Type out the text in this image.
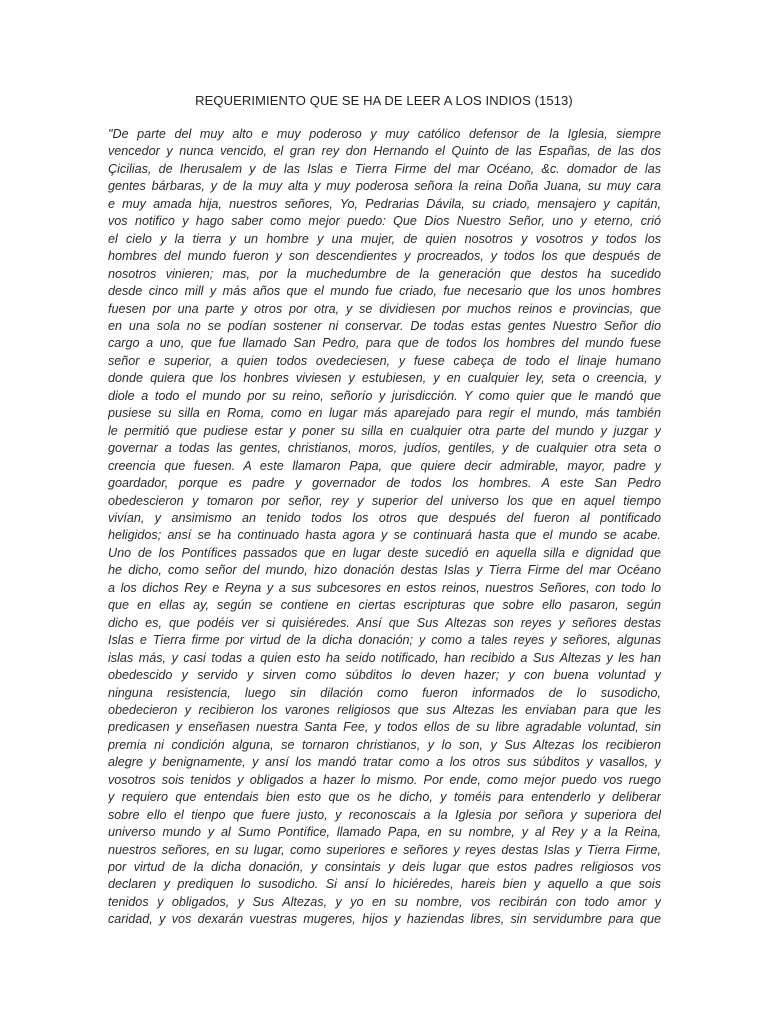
REQUERIMIENTO QUE SE HA DE LEER A LOS INDIOS (1513)
"De parte del muy alto e muy poderoso y muy católico defensor de la Iglesia, siempre
vencedor y nunca vencido, el gran rey don Hernando el Quinto de las Españas, de las dos
Çicilias, de Iherusalem y de las Islas e Tierra Firme del mar Océano, &c. domador de las
gentes bárbaras, y de la muy alta y muy poderosa señora la reina Doña Juana, su muy cara
e muy amada hija, nuestros señores, Yo, Pedrarias Dávila, su criado, mensajero y capitán,
vos notifico y hago saber como mejor puedo: Que Dios Nuestro Señor, uno y eterno, crió
el cielo y la tierra y un hombre y una mujer, de quien nosotros y vosotros y todos los
hombres del mundo fueron y son descendientes y procreados, y todos los que después de
nosotros vinieren; mas, por la muchedumbre de la generación que destos ha sucedido
desde cinco mill y más años que el mundo fue criado, fue necesario que los unos hombres
fuesen por una parte y otros por otra, y se dividiesen por muchos reinos e provincias, que
en una sola no se podían sostener ni conservar. De todas estas gentes Nuestro Señor dio
cargo a uno, que fue llamado San Pedro, para que de todos los hombres del mundo fuese
señor e superior, a quien todos ovedeciesen, y fuese cabeça de todo el linaje humano
donde quiera que los honbres viviesen y estubiesen, y en cualquier ley, seta o creencia, y
diole a todo el mundo por su reino, señorío y jurisdicción. Y como quier que le mandó que
pusiese su silla en Roma, como en lugar más aparejado para regir el mundo, más también
le permitió que pudiese estar y poner su silla en cualquier otra parte del mundo y juzgar y
governar a todas las gentes, christianos, moros, judíos, gentiles, y de cualquier otra seta o
creencia que fuesen. A este llamaron Papa, que quiere decir admirable, mayor, padre y
goardador, porque es padre y governador de todos los hombres. A este San Pedro
obedescieron y tomaron por señor, rey y superior del universo los que en aquel tiempo
vivían, y ansimismo an tenido todos los otros que después del fueron al pontificado
heligidos; ansí se ha continuado hasta agora y se continuará hasta que el mundo se acabe.
Uno de los Pontífices passados que en lugar deste sucedió en aquella silla e dignidad que
he dicho, como señor del mundo, hizo donación destas Islas y Tierra Firme del mar Océano
a los dichos Rey e Reyna y a sus subcesores en estos reinos, nuestros Señores, con todo lo
que en ellas ay, según se contiene en ciertas escripturas que sobre ello pasaron, según
dicho es, que podéis ver si quisiéredes. Ansí que Sus Altezas son reyes y señores destas
Islas e Tierra firme por virtud de la dicha donación; y como a tales reyes y señores, algunas
islas más, y casi todas a quien esto ha seido notificado, han recibido a Sus Altezas y les han
obedescido y servido y sirven como súbditos lo deven hazer; y con buena voluntad y
ninguna resistencia, luego sin dilación como fueron informados de lo susodicho,
obedecieron y recibieron los varones religiosos que sus Altezas les enviaban para que les
predicasen y enseñasen nuestra Santa Fee, y todos ellos de su libre agradable voluntad, sin
premia ni condición alguna, se tornaron christianos, y lo son, y Sus Altezas los recibieron
alegre y benignamente, y ansí los mandó tratar como a los otros sus súbditos y vasallos, y
vosotros sois tenidos y obligados a hazer lo mismo. Por ende, como mejor puedo vos ruego
y requiero que entendais bien esto que os he dicho, y toméis para entenderlo y deliberar
sobre ello el tienpo que fuere justo, y reconoscais a la Iglesia por señora y superiora del
universo mundo y al Sumo Pontífice, llamado Papa, en su nombre, y al Rey y a la Reina,
nuestros señores, en su lugar, como superiores e señores y reyes destas Islas y Tierra Firme,
por virtud de la dicha donación, y consintais y deis lugar que estos padres religiosos vos
declaren y prediquen lo susodicho. Si ansí lo hiciéredes, hareis bien y aquello a que sois
tenidos y obligados, y Sus Altezas, y yo en su nombre, vos recibirán con todo amor y
caridad, y vos dexarán vuestras mugeres, hijos y haziendas libres, sin servidumbre para que
